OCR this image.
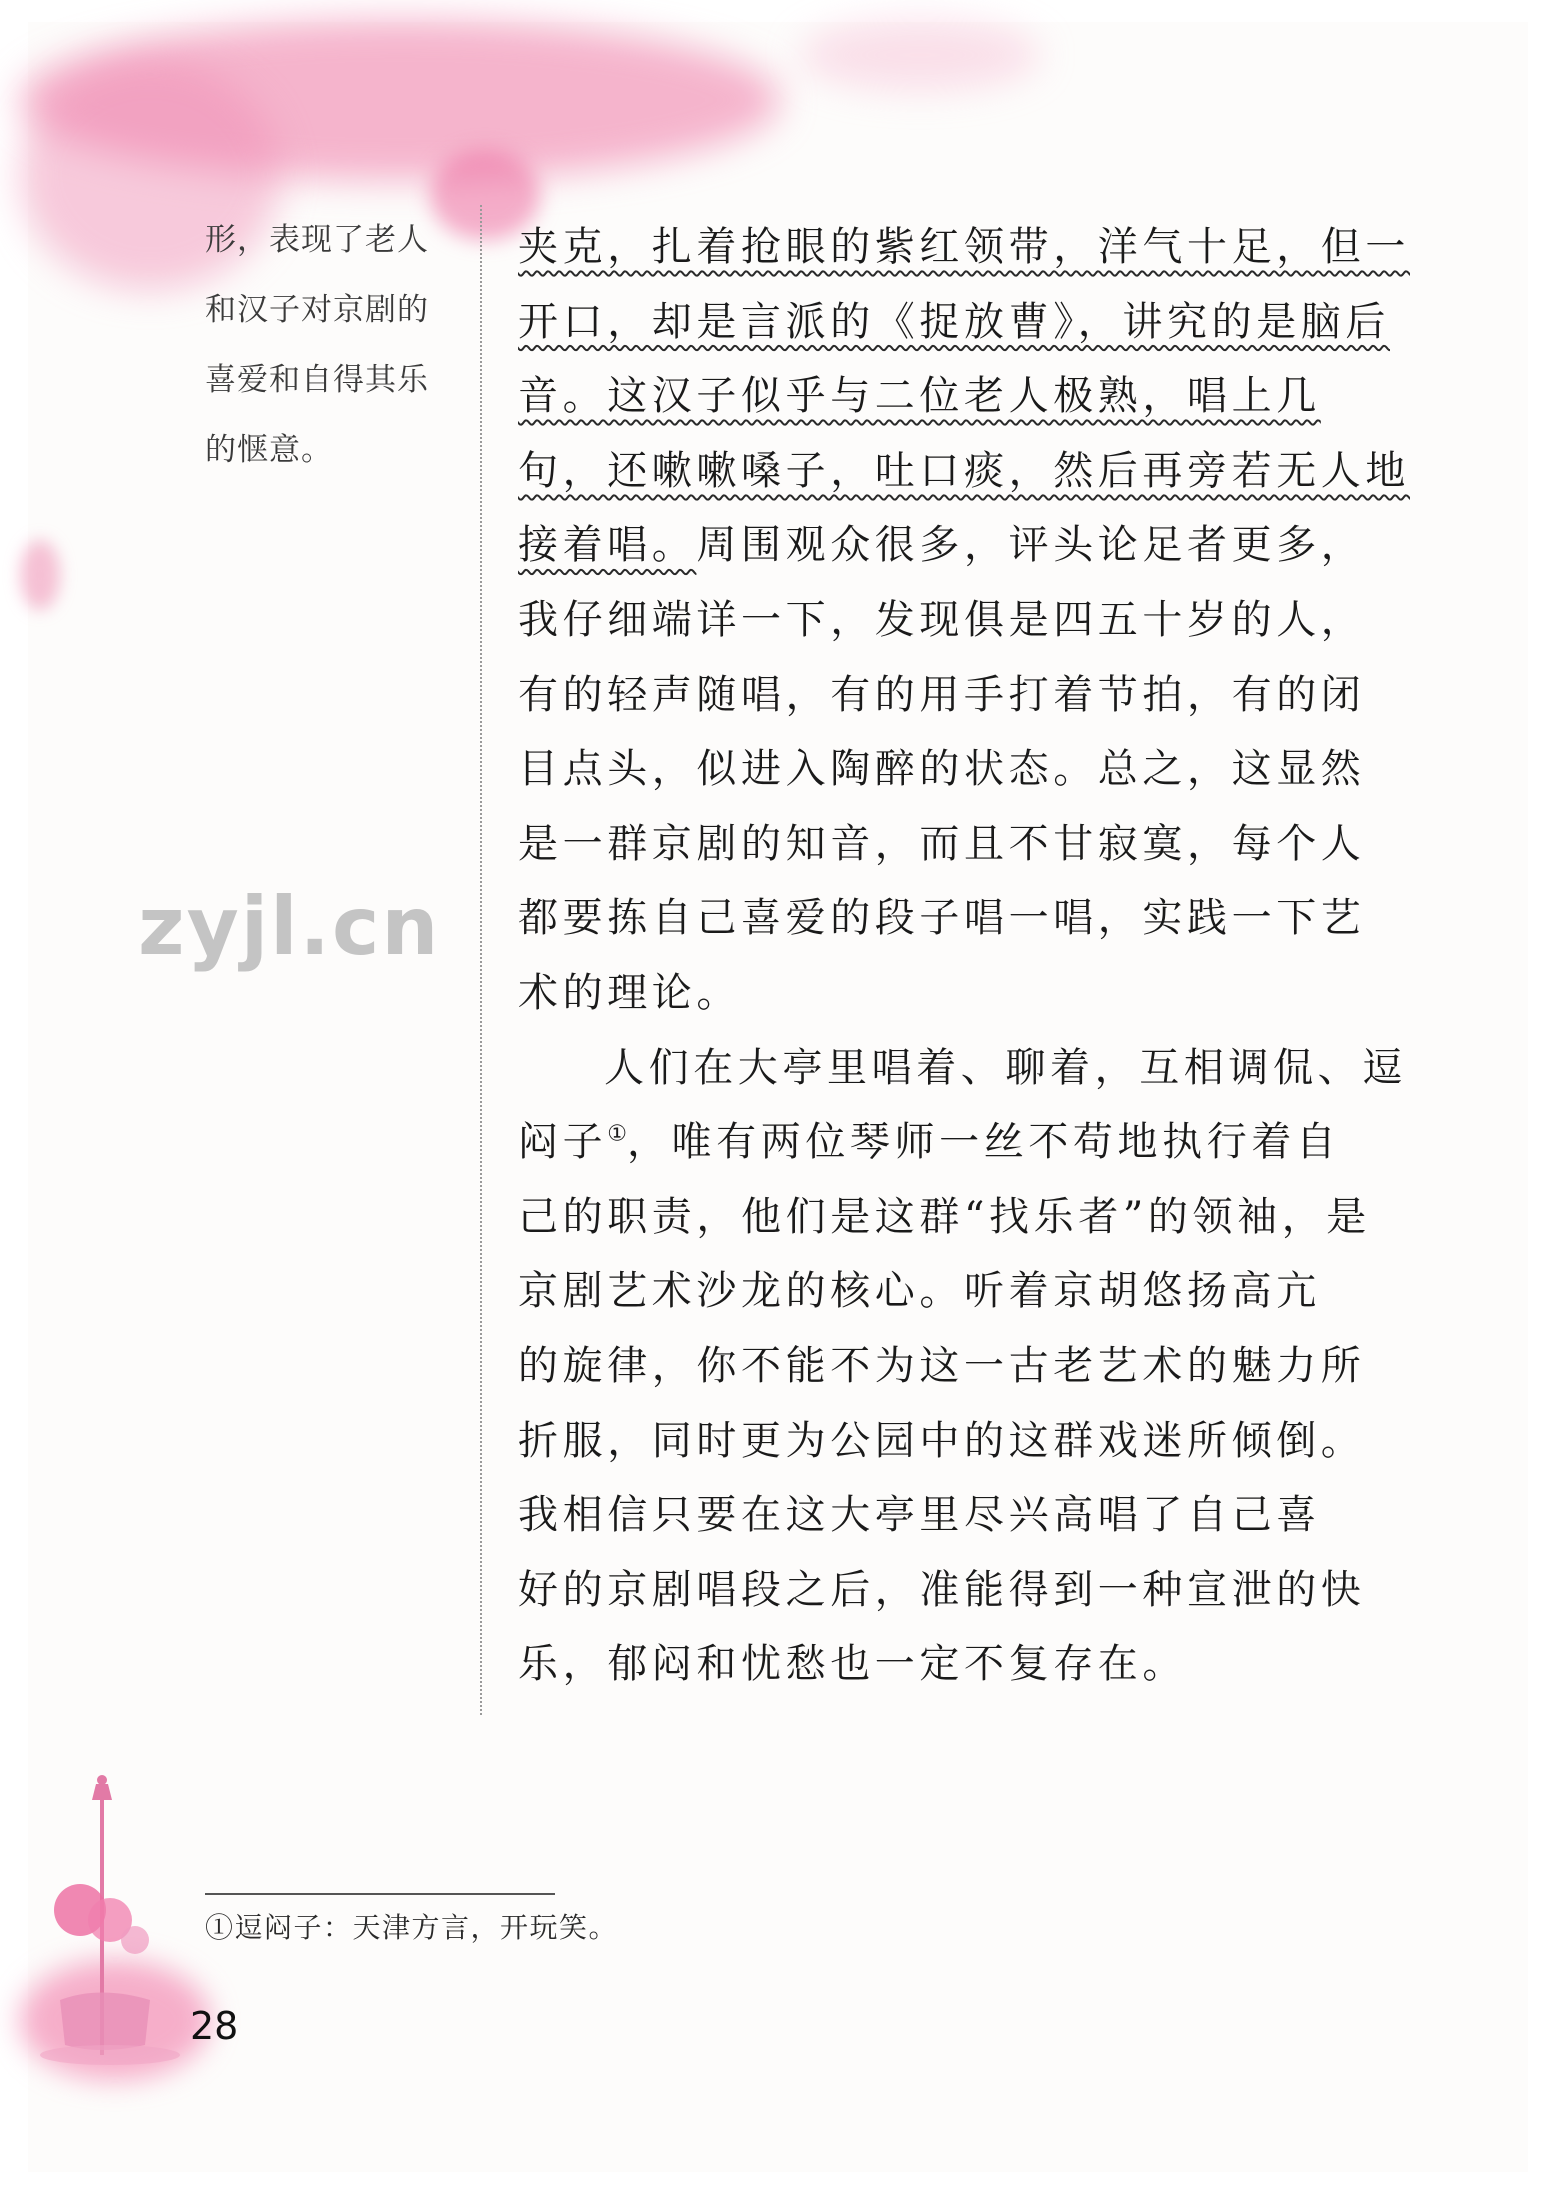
形，表现了老人
和汉子对京剧的
喜爱和自得其乐
的惬意。
zyjl.cn
夹克，扎着抢眼的紫红领带，洋气十足，但一
开口，却是言派的《捉放曹》，讲究的是脑后
音。这汉子似乎与二位老人极熟，唱上几
句，还嗽嗽嗓子，吐口痰，然后再旁若无人地
接着唱。周围观众很多，评头论足者更多，
我仔细端详一下，发现俱是四五十岁的人，
有的轻声随唱，有的用手打着节拍，有的闭
目点头，似进入陶醉的状态。总之，这显然
是一群京剧的知音，而且不甘寂寞，每个人
都要拣自己喜爱的段子唱一唱，实践一下艺
术的理论。
人们在大亭里唱着、聊着，互相调侃、逗
闷子①，唯有两位琴师一丝不苟地执行着自
己的职责，他们是这群“找乐者”的领袖，是
京剧艺术沙龙的核心。听着京胡悠扬高亢
的旋律，你不能不为这一古老艺术的魅力所
折服，同时更为公园中的这群戏迷所倾倒。
我相信只要在这大亭里尽兴高唱了自己喜
好的京剧唱段之后，准能得到一种宣泄的快
乐，郁闷和忧愁也一定不复存在。
①逗闷子：天津方言，开玩笑。
28
